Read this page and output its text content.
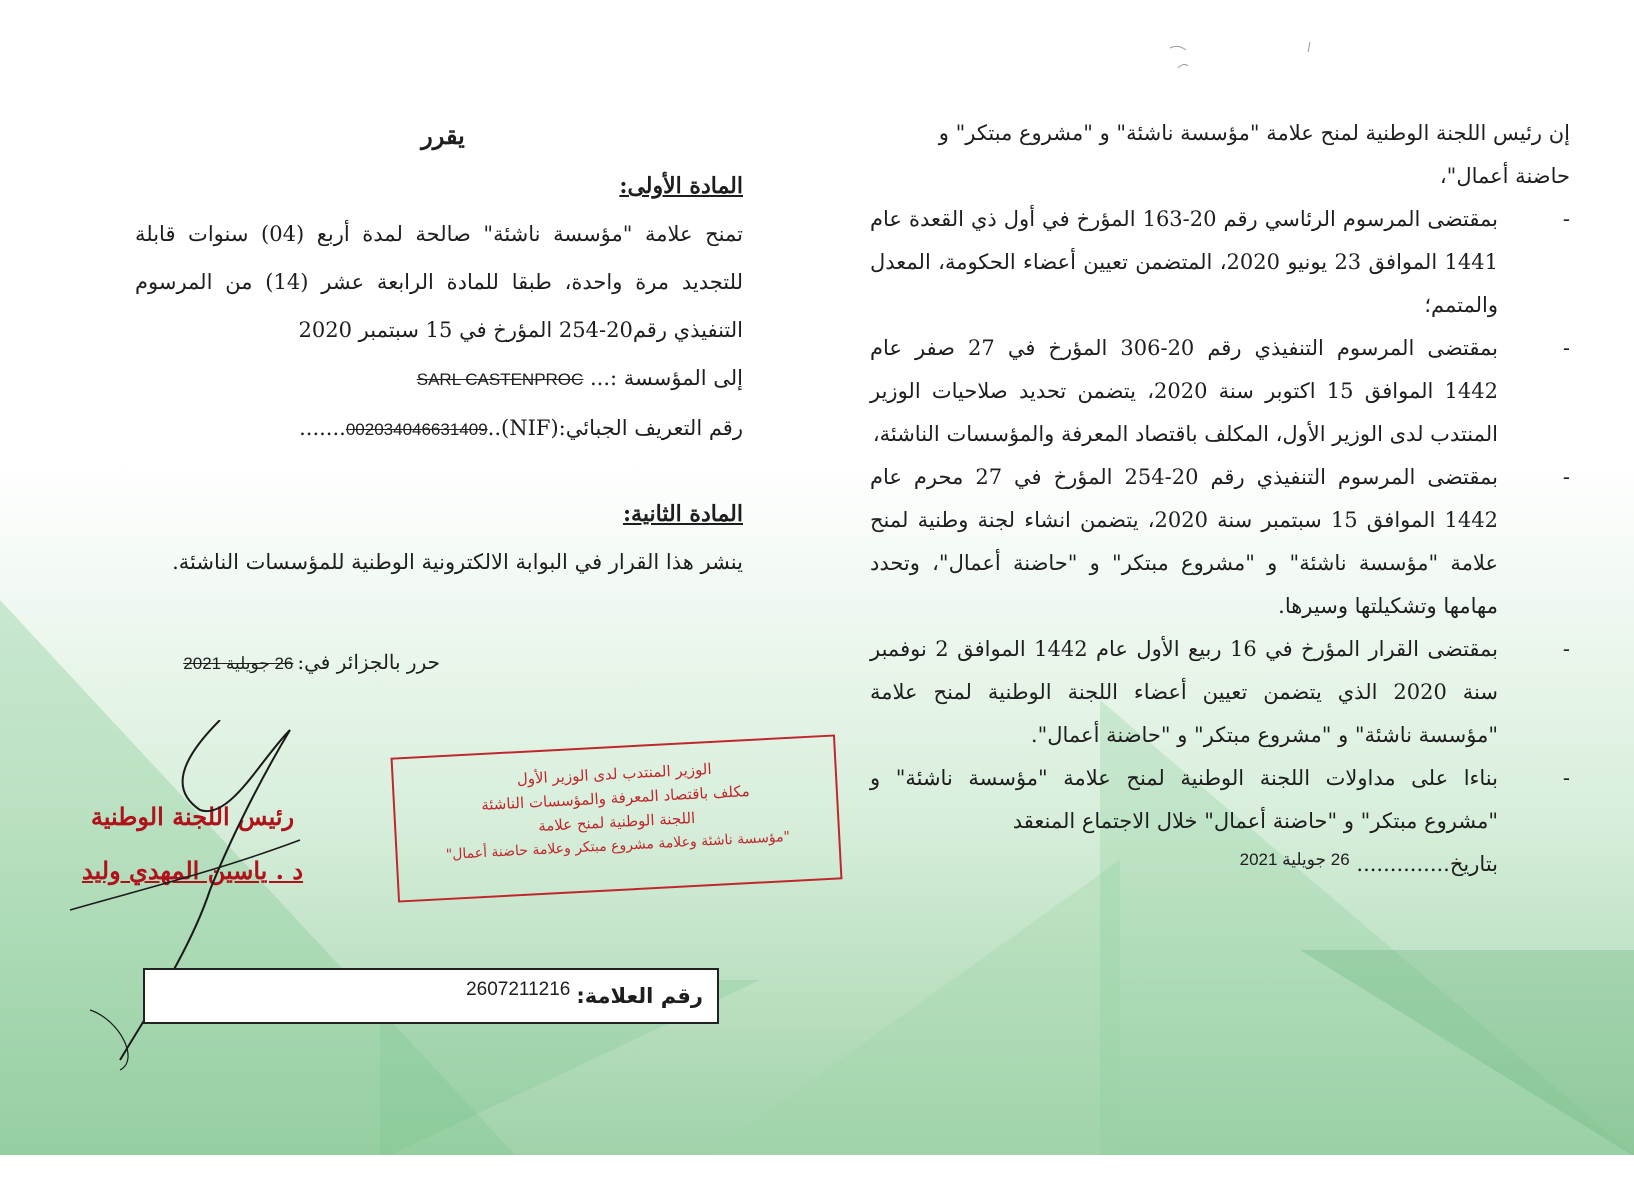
إن رئيس اللجنة الوطنية لمنح علامة "مؤسسة ناشئة" و "مشروع مبتكر" و
حاضنة أعمال"،
-
بمقتضى المرسوم الرئاسي رقم 20-163 المؤرخ في أول ذي القعدة عام 1441 الموافق 23 يونيو 2020، المتضمن تعيين أعضاء الحكومة، المعدل والمتمم؛
-
بمقتضى المرسوم التنفيذي رقم 20-306 المؤرخ في 27 صفر عام 1442 الموافق 15 اكتوبر سنة 2020، يتضمن تحديد صلاحيات الوزير المنتدب لدى الوزير الأول، المكلف باقتصاد المعرفة والمؤسسات الناشئة،
-
بمقتضى المرسوم التنفيذي رقم 20-254 المؤرخ في 27 محرم عام 1442 الموافق 15 سبتمبر سنة 2020، يتضمن انشاء لجنة وطنية لمنح علامة "مؤسسة ناشئة" و "مشروع مبتكر" و "حاضنة أعمال"، وتحدد مهامها وتشكيلتها وسيرها.
-
بمقتضى القرار المؤرخ في 16 ربيع الأول عام 1442 الموافق 2 نوفمبر سنة 2020 الذي يتضمن تعيين أعضاء اللجنة الوطنية لمنح علامة "مؤسسة ناشئة" و "مشروع مبتكر" و "حاضنة أعمال".
-
بناءا على مداولات اللجنة الوطنية لمنح علامة "مؤسسة ناشئة" و "مشروع مبتكر" و "حاضنة أعمال" خلال الاجتماع المنعقد
بتاريخ.............. $^{26 جويلية 2021}$
يقرر
المادة الأولى:
تمنح علامة "مؤسسة ناشئة" صالحة لمدة أربع (04) سنوات قابلة للتجديد مرة واحدة، طبقا للمادة الرابعة عشر (14) من المرسوم التنفيذي رقم20-254 المؤرخ في 15 سبتمبر 2020
إلى المؤسسة :... SARL CASTENPROC
رقم التعريف الجبائي:(NIF)..002034046631409.......
المادة الثانية:
ينشر هذا القرار في البوابة الالكترونية الوطنية للمؤسسات الناشئة.
حرر بالجزائر في:26 جويلية 2021
الوزير المنتدب لدى الوزير الأول
مكلف باقتصاد المعرفة والمؤسسات الناشئة
اللجنة الوطنية لمنح علامة
"مؤسسة ناشئة وعلامة مشروع مبتكر وعلامة حاضنة أعمال"
رئيس اللجنة الوطنية
د . ياسين المهدي وليد
رقم العلامة:
2607211216
